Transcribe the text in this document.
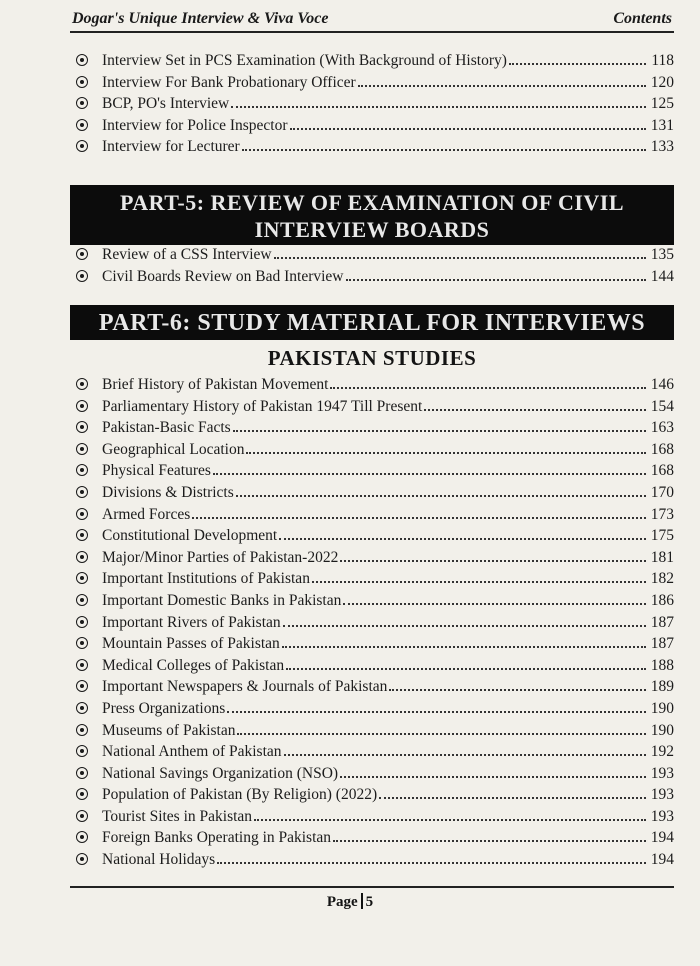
Dogar's Unique Interview & Viva Voce	Contents
Interview Set in PCS Examination (With Background of History)	118
Interview For Bank Probationary Officer	120
BCP, PO's Interview	125
Interview for Police Inspector	131
Interview for Lecturer	133
PART-5: REVIEW OF EXAMINATION OF CIVIL
INTERVIEW BOARDS
Review of a CSS Interview	135
Civil Boards Review on Bad Interview	144
PART-6: STUDY MATERIAL FOR INTERVIEWS
PAKISTAN STUDIES
Brief History of Pakistan Movement	146
Parliamentary History of Pakistan 1947 Till Present	154
Pakistan-Basic Facts	163
Geographical Location	168
Physical Features	168
Divisions & Districts	170
Armed Forces	173
Constitutional Development	175
Major/Minor Parties of Pakistan-2022	181
Important Institutions of Pakistan	182
Important Domestic Banks in Pakistan	186
Important Rivers of Pakistan	187
Mountain Passes of Pakistan	187
Medical Colleges of Pakistan	188
Important Newspapers & Journals of Pakistan	189
Press Organizations	190
Museums of Pakistan	190
National Anthem of Pakistan	192
National Savings Organization (NSO)	193
Population of Pakistan (By Religion) (2022)	193
Tourist Sites in Pakistan	193
Foreign Banks Operating in Pakistan	194
National Holidays	194
Page 5
